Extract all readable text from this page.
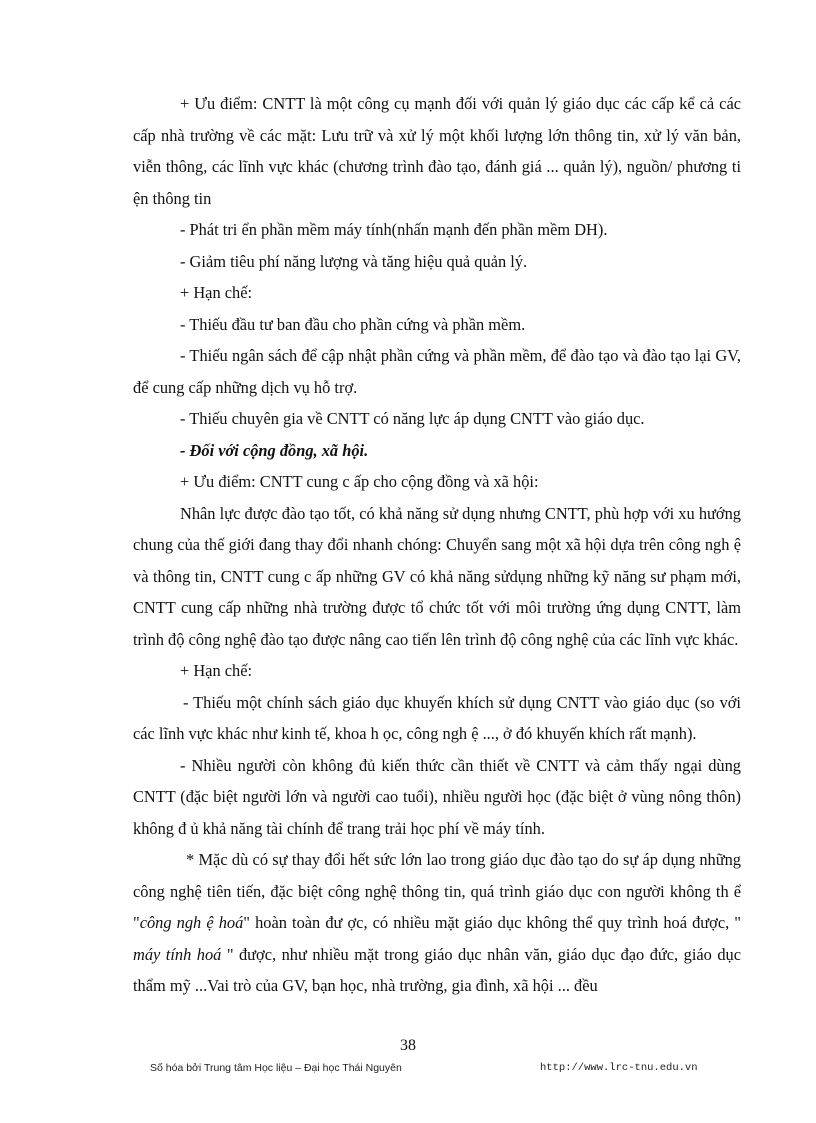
+ Ưu điểm: CNTT là một công cụ mạnh đối với quản lý giáo dục các cấp kể cả các cấp nhà trường về các mặt: Lưu trữ và xử lý một khối lượng lớn thông tin, xử lý văn bản, viễn thông, các lĩnh vực khác (chương trình đào tạo, đánh giá ... quản lý), nguồn/ phương ti ện thông tin

- Phát tri ển phần mềm máy tính(nhấn mạnh đến phần mềm DH).

- Giảm tiêu phí năng lượng và tăng hiệu quả quản lý.

+ Hạn chế:

- Thiếu đầu tư ban đầu cho phần cứng và phần mềm.

- Thiếu ngân sách để cập nhật phần cứng và phần mềm, để đào tạo và đào tạo lại GV, để cung cấp những dịch vụ hỗ trợ.

- Thiếu chuyên gia về CNTT có năng lực áp dụng CNTT vào giáo dục.

- Đối với cộng đồng, xã hội.

+ Ưu điểm: CNTT cung c ấp cho cộng đồng và xã hội:

Nhân lực được đào tạo tốt, có khả năng sử dụng nhưng CNTT, phù hợp với xu hướng chung của thế giới đang thay đổi nhanh chóng: Chuyển sang một xã hội dựa trên công ngh ệ và thông tin, CNTT cung c ấp những GV có khả năng sửdụng những kỹ năng sư phạm mới, CNTT cung cấp những nhà trường được tổ chức tốt với môi trường ứng dụng CNTT, làm trình độ công nghệ đào tạo được nâng cao tiến lên trình độ công nghệ của các lĩnh vực khác.

+ Hạn chế:

- Thiếu một chính sách giáo dục khuyến khích sử dụng CNTT vào giáo dục (so với các lĩnh vực khác như kinh tế, khoa h ọc, công ngh ệ ..., ở đó khuyến khích rất mạnh).

- Nhiều người còn không đủ kiến thức cần thiết về CNTT và cảm thấy ngại dùng CNTT (đặc biệt người lớn và người cao tuổi), nhiều người học (đặc biệt ở vùng nông thôn) không đ ủ khả năng tài chính để trang trải học phí về máy tính.

* Mặc dù có sự thay đổi hết sức lớn lao trong giáo dục đào tạo do sự áp dụng những công nghệ tiên tiến, đặc biệt công nghệ thông tin, quá trình giáo dục con người không th ể "công ngh ệ hoá" hoàn toàn đư ợc, có nhiều mặt giáo dục không thể quy trình hoá được, " máy tính hoá " được, như nhiều mặt trong giáo dục nhân văn, giáo dục đạo đức, giáo dục thẩm mỹ ...Vai trò của GV, bạn học, nhà trường, gia đình, xã hội ... đều

38
Số hóa bởi Trung tâm Học liệu – Đại học Thái Nguyên	http://www.lrc-tnu.edu.vn
